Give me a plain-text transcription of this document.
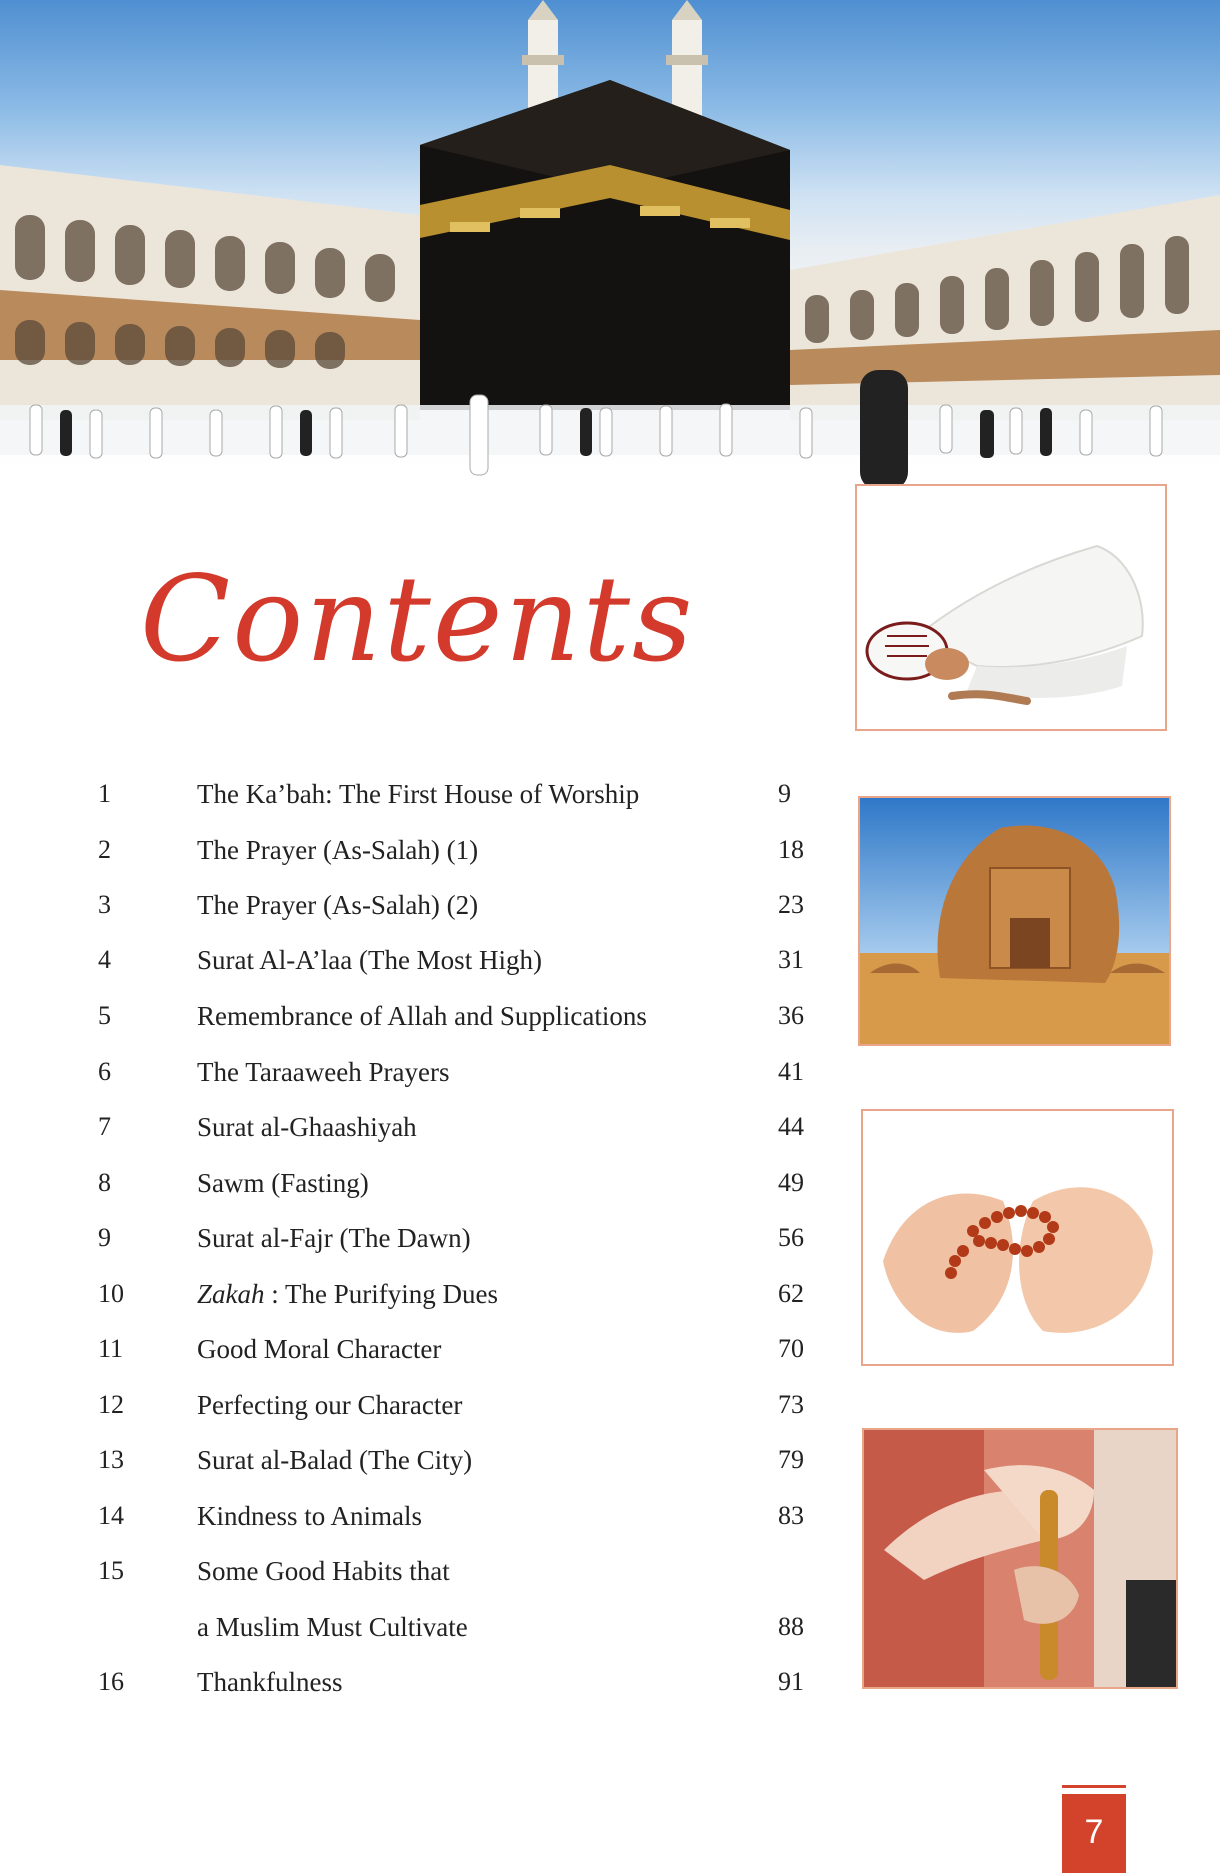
Contents
1	The Ka’bah: The First House of Worship	9
2	The Prayer (As-Salah) (1)	18
3	The Prayer (As-Salah) (2)	23
4	Surat Al-A’laa (The Most High)	31
5	Remembrance of Allah and Supplications	36
6	The Taraaweeh Prayers	41
7	Surat al-Ghaashiyah	44
8	Sawm (Fasting)	49
9	Surat al-Fajr (The Dawn)	56
10	Zakah : The Purifying Dues	62
11	Good Moral Character	70
12	Perfecting our Character	73
13	Surat al-Balad (The City)	79
14	Kindness to Animals	83
15	Some Good Habits that
a Muslim Must Cultivate	88
16	Thankfulness	91
7
